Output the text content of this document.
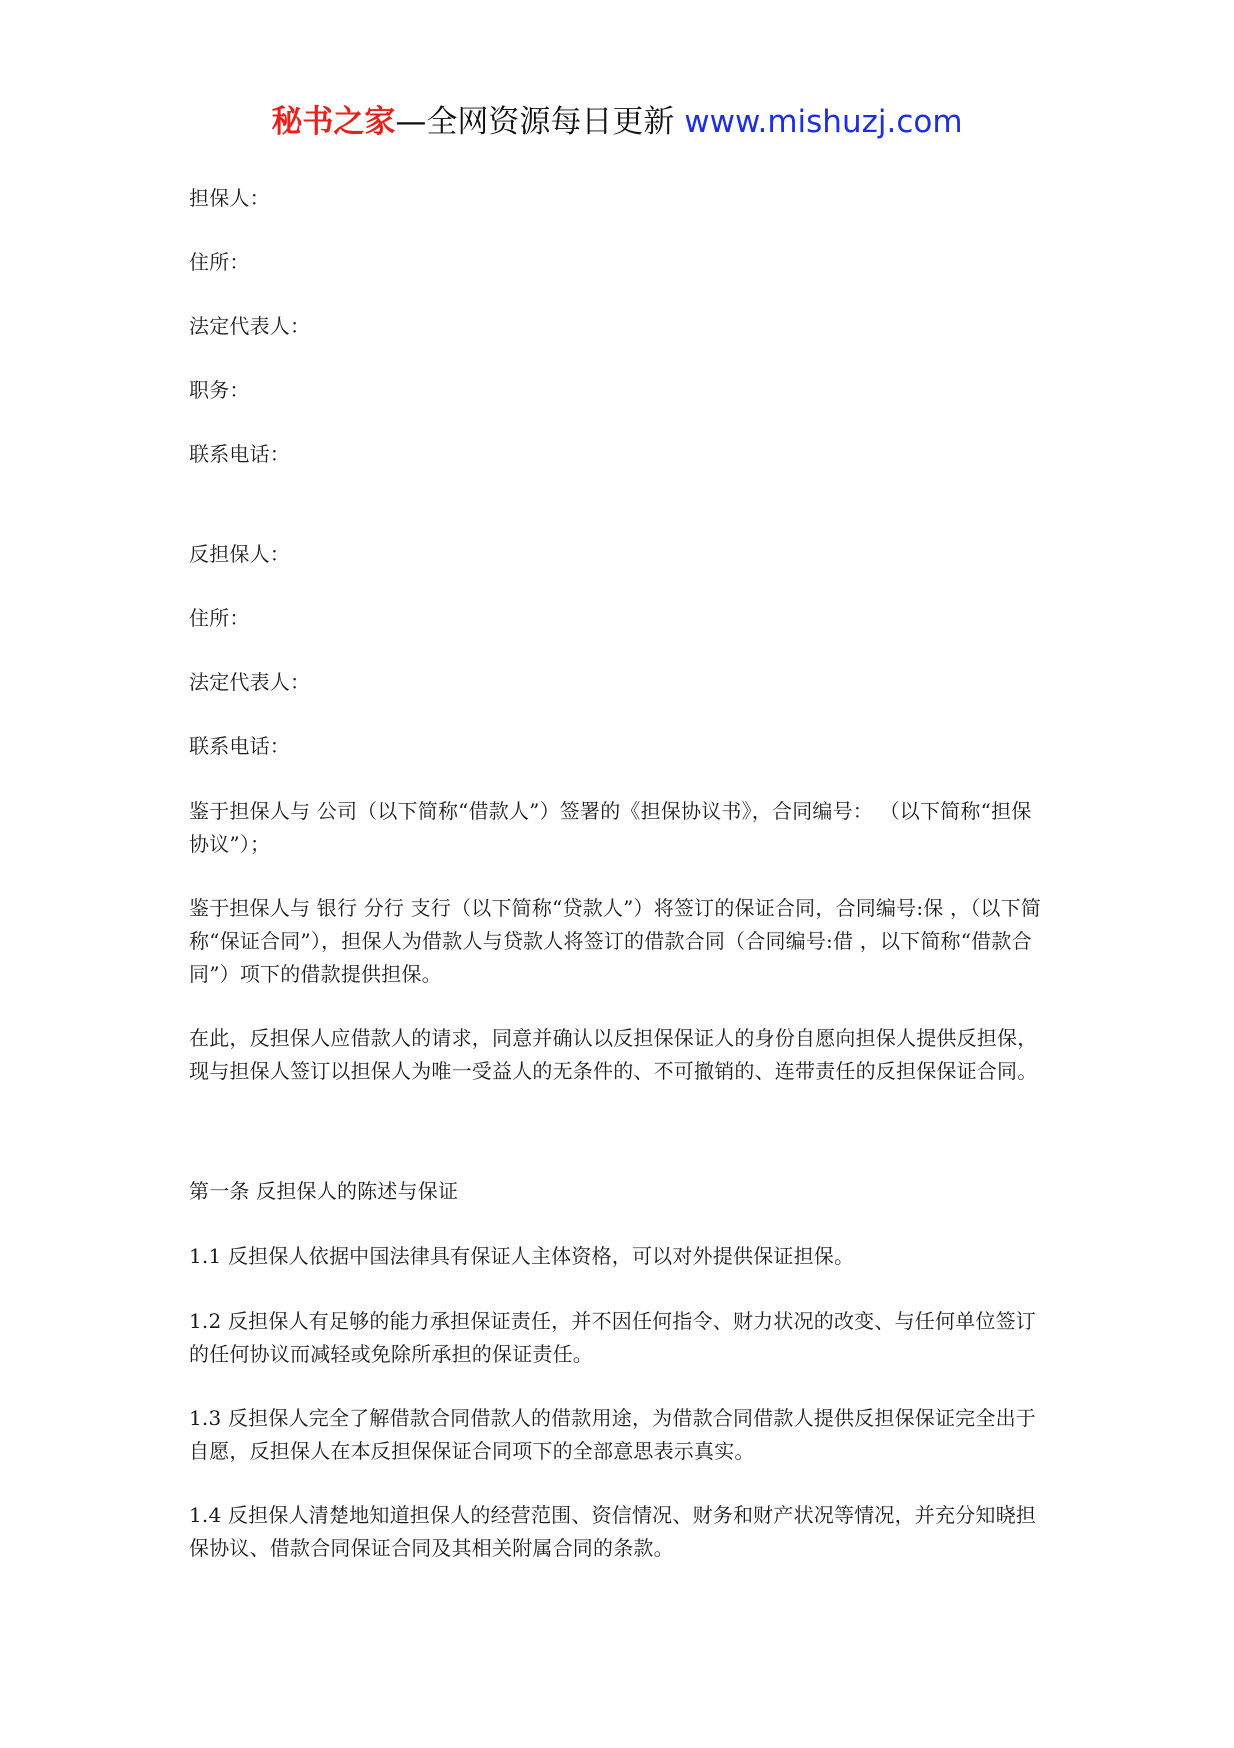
秘书之家—全网资源每日更新 www.mishuzj.com

担保人：

住所：

法定代表人：

职务：

联系电话：

反担保人：

住所：

法定代表人：

联系电话：

鉴于担保人与 公司（以下简称“借款人”）签署的《担保协议书》，合同编号： （以下简称“担保协议”）；

鉴于担保人与 银行 分行 支行（以下简称“贷款人”）将签订的保证合同，合同编号:保 ，（以下简称“保证合同”），担保人为借款人与贷款人将签订的借款合同（合同编号:借 ，以下简称“借款合同”）项下的借款提供担保。

在此，反担保人应借款人的请求，同意并确认以反担保保证人的身份自愿向担保人提供反担保，现与担保人签订以担保人为唯一受益人的无条件的、不可撤销的、连带责任的反担保保证合同。

第一条 反担保人的陈述与保证

1.1 反担保人依据中国法律具有保证人主体资格，可以对外提供保证担保。

1.2 反担保人有足够的能力承担保证责任，并不因任何指令、财力状况的改变、与任何单位签订的任何协议而减轻或免除所承担的保证责任。

1.3 反担保人完全了解借款合同借款人的借款用途，为借款合同借款人提供反担保保证完全出于自愿，反担保人在本反担保保证合同项下的全部意思表示真实。

1.4 反担保人清楚地知道担保人的经营范围、资信情况、财务和财产状况等情况，并充分知晓担保协议、借款合同保证合同及其相关附属合同的条款。
